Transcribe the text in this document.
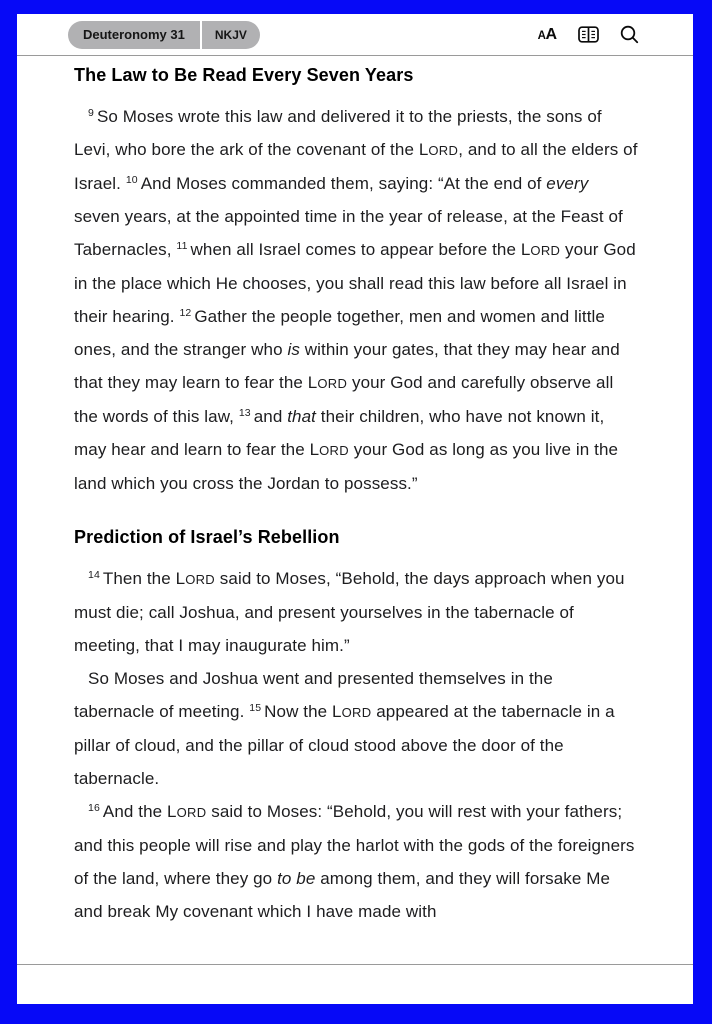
Deuteronomy 31	NKJV	A A
The Law to Be Read Every Seven Years

$^9$ So Moses wrote this law and delivered it to the priests, the sons of Levi, who bore the ark of the covenant of the LORD, and to all the elders of Israel. $^{10}$ And Moses commanded them, saying: “At the end of every seven years, at the appointed time in the year of release, at the Feast of Tabernacles, $^{11}$ when all Israel comes to appear before the LORD your God in the place which He chooses, you shall read this law before all Israel in their hearing. $^{12}$ Gather the people together, men and women and little ones, and the stranger who is within your gates, that they may hear and that they may learn to fear the LORD your God and carefully observe all the words of this law, $^{13}$ and that their children, who have not known it, may hear and learn to fear the LORD your God as long as you live in the land which you cross the Jordan to possess.”

Prediction of Israel’s Rebellion

$^{14}$ Then the LORD said to Moses, “Behold, the days approach when you must die; call Joshua, and present yourselves in the tabernacle of meeting, that I may inaugurate him.”

So Moses and Joshua went and presented themselves in the tabernacle of meeting. $^{15}$ Now the LORD appeared at the tabernacle in a pillar of cloud, and the pillar of cloud stood above the door of the tabernacle.

$^{16}$ And the LORD said to Moses: “Behold, you will rest with your fathers; and this people will rise and play the harlot with the gods of the foreigners of the land, where they go to be among them, and they will forsake Me and break My covenant which I have made with
